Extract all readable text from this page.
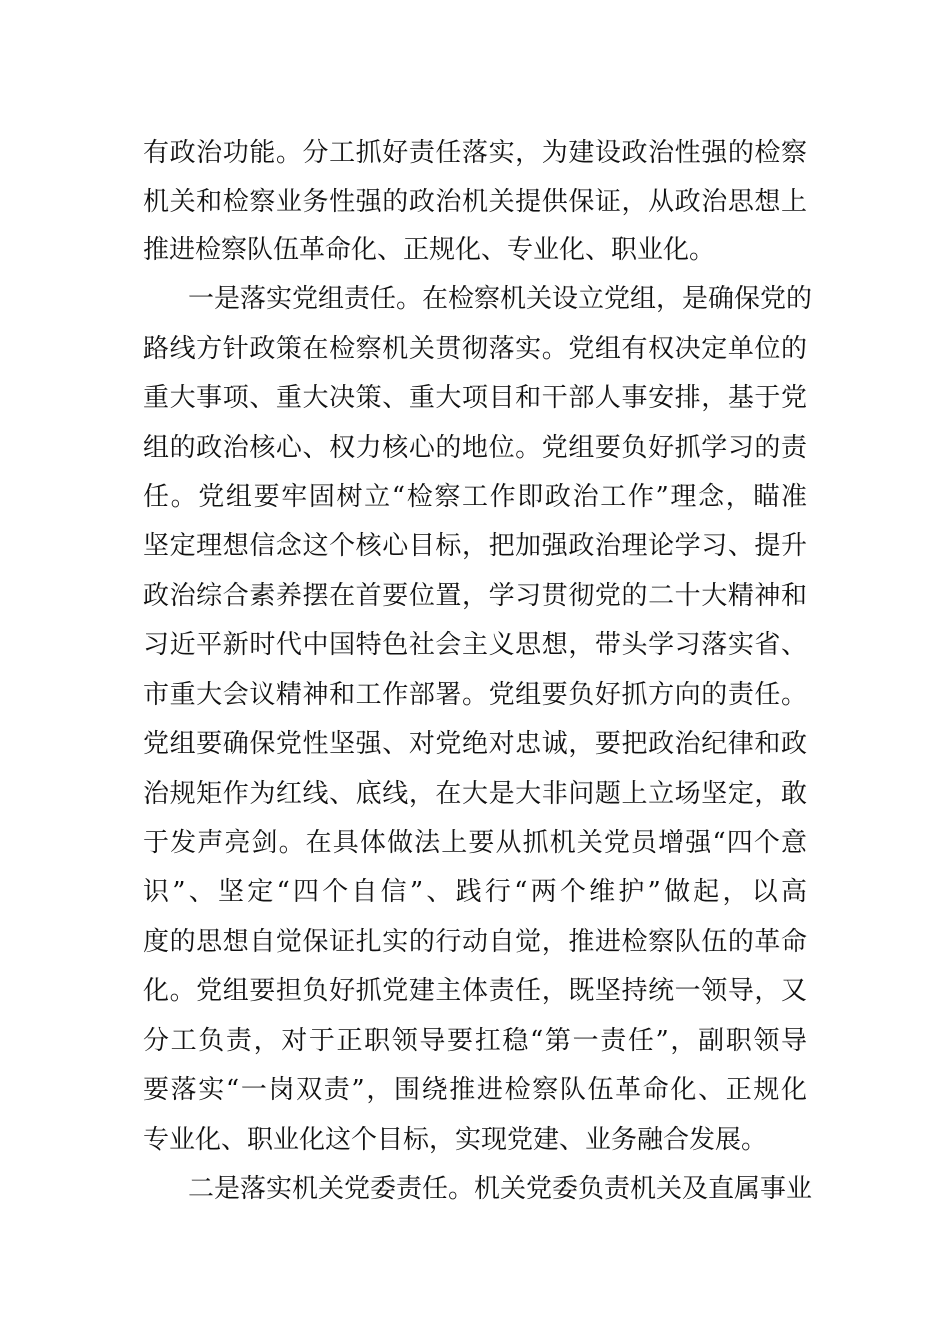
有政治功能。分工抓好责任落实，为建设政治性强的检察
机关和检察业务性强的政治机关提供保证，从政治思想上
推进检察队伍革命化、正规化、专业化、职业化。
一是落实党组责任。在检察机关设立党组，是确保党的
路线方针政策在检察机关贯彻落实。党组有权决定单位的
重大事项、重大决策、重大项目和干部人事安排，基于党
组的政治核心、权力核心的地位。党组要负好抓学习的责
任。党组要牢固树立“检察工作即政治工作”理念，瞄准
坚定理想信念这个核心目标，把加强政治理论学习、提升
政治综合素养摆在首要位置，学习贯彻党的二十大精神和
习近平新时代中国特色社会主义思想，带头学习落实省、
市重大会议精神和工作部署。党组要负好抓方向的责任。
党组要确保党性坚强、对党绝对忠诚，要把政治纪律和政
治规矩作为红线、底线，在大是大非问题上立场坚定，敢
于发声亮剑。在具体做法上要从抓机关党员增强“四个意
识”、坚定“四个自信”、践行“两个维护”做起，以高
度的思想自觉保证扎实的行动自觉，推进检察队伍的革命
化。党组要担负好抓党建主体责任，既坚持统一领导，又
分工负责，对于正职领导要扛稳“第一责任”，副职领导
要落实“一岗双责”，围绕推进检察队伍革命化、正规化
专业化、职业化这个目标，实现党建、业务融合发展。
二是落实机关党委责任。机关党委负责机关及直属事业
